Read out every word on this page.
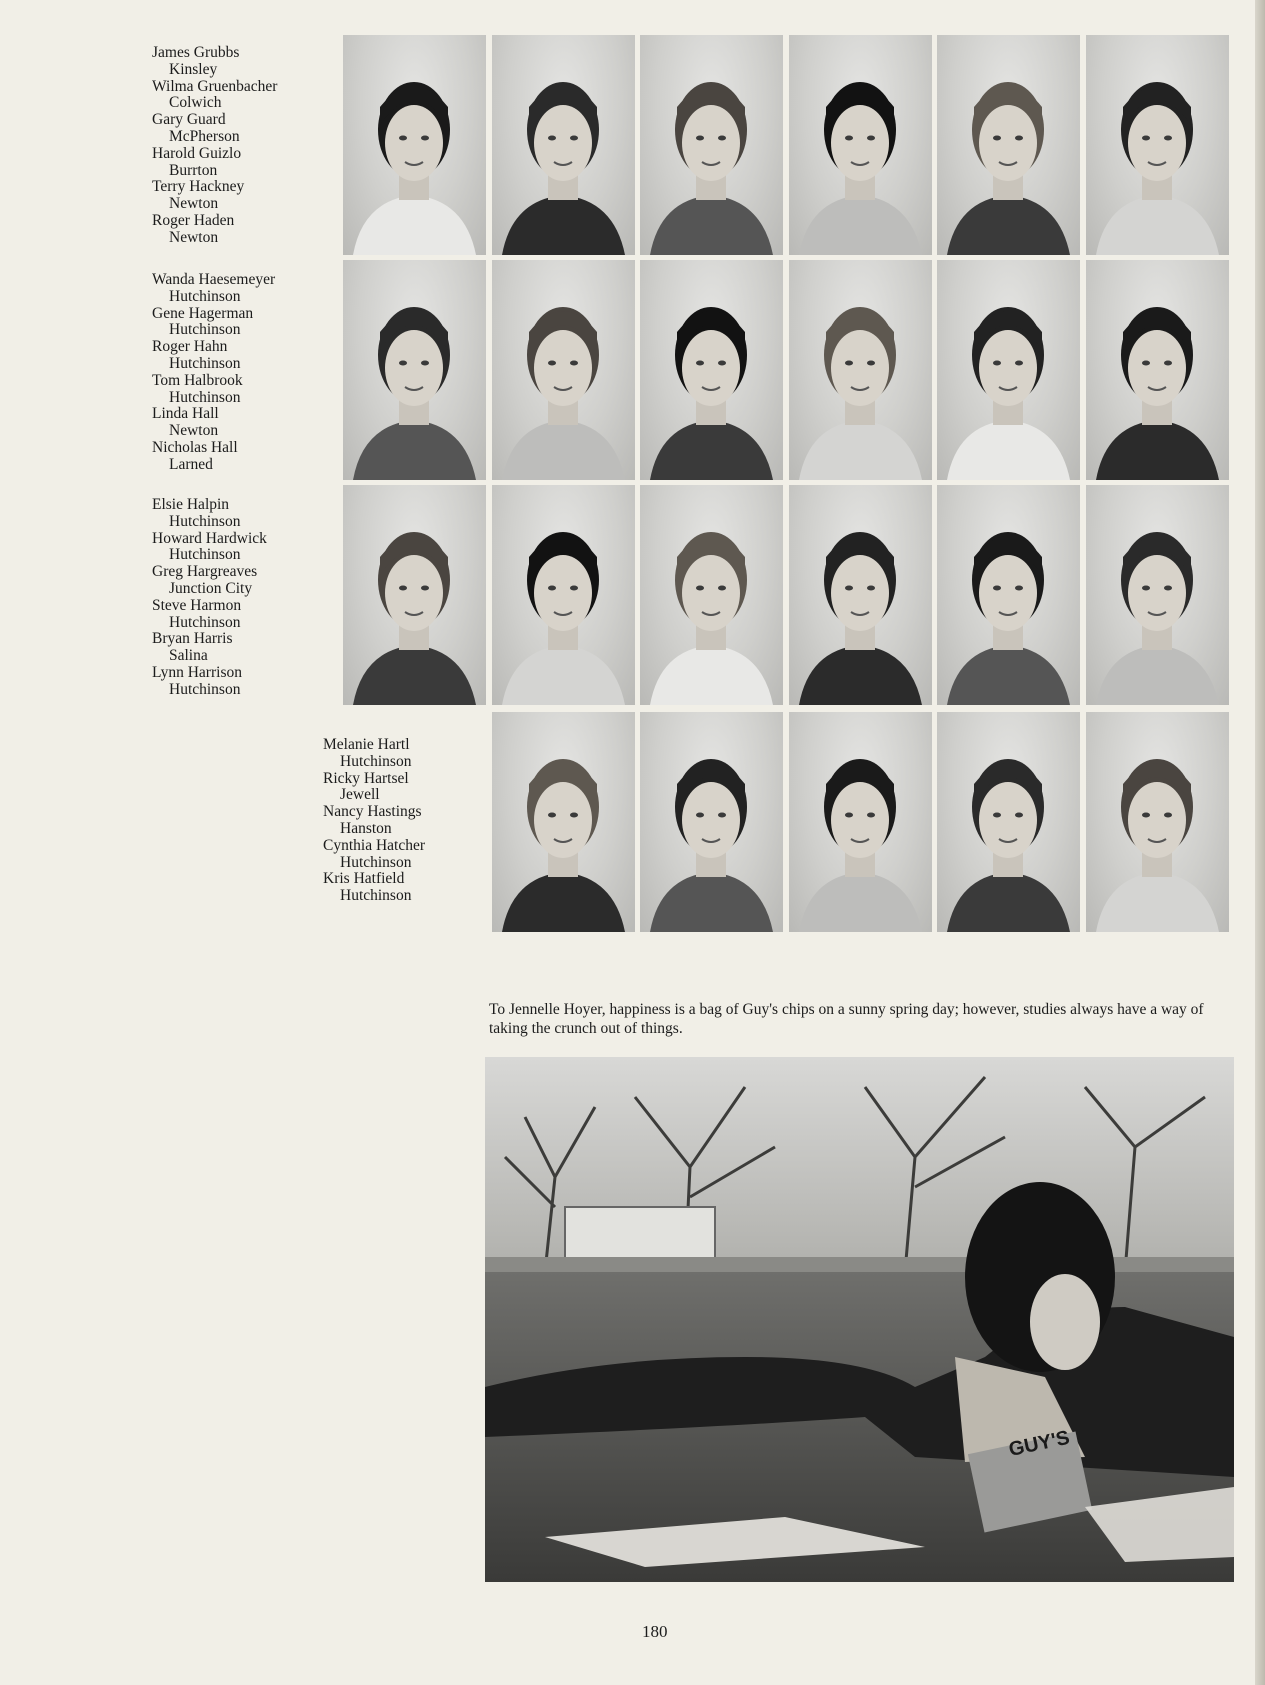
James Grubbs
Kinsley
Wilma Gruenbacher
Colwich
Gary Guard
McPherson
Harold Guizlo
Burrton
Terry Hackney
Newton
Roger Haden
Newton
Wanda Haesemeyer
Hutchinson
Gene Hagerman
Hutchinson
Roger Hahn
Hutchinson
Tom Halbrook
Hutchinson
Linda Hall
Newton
Nicholas Hall
Larned
Elsie Halpin
Hutchinson
Howard Hardwick
Hutchinson
Greg Hargreaves
Junction City
Steve Harmon
Hutchinson
Bryan Harris
Salina
Lynn Harrison
Hutchinson
Melanie Hartl
Hutchinson
Ricky Hartsel
Jewell
Nancy Hastings
Hanston
Cynthia Hatcher
Hutchinson
Kris Hatfield
Hutchinson
To Jennelle Hoyer, happiness is a bag of Guy's chips on a sunny spring day; however, studies always have a way of taking the crunch out of things.
GUY'S
180
